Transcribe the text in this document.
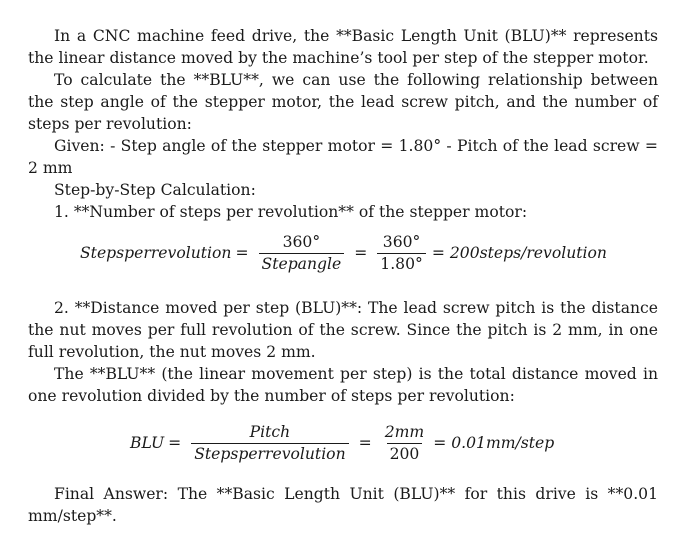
In a CNC machine feed drive, the **Basic Length Unit (BLU)** represents the linear distance moved by the machine’s tool per step of the stepper motor.
To calculate the **BLU**, we can use the following relationship between the step angle of the stepper motor, the lead screw pitch, and the number of steps per revolution:
Given: - Step angle of the stepper motor = 1.80° - Pitch of the lead screw = 2 mm
Step-by-Step Calculation:
1. **Number of steps per revolution** of the stepper motor:
Stepsperrevolution = $\frac{360^\circ}{\text{Stepangle}} = \frac{360^\circ}{1.80^\circ}$ = 200steps/revolution
2. **Distance moved per step (BLU)**: The lead screw pitch is the distance the nut moves per full revolution of the screw. Since the pitch is 2 mm, in one full revolution, the nut moves 2 mm.
The **BLU** (the linear movement per step) is the total distance moved in one revolution divided by the number of steps per revolution:
BLU = $\frac{\text{Pitch}}{\text{Stepsperrevolution}} = \frac{2mm}{200}$ = 0.01mm/step
Final Answer: The **Basic Length Unit (BLU)** for this drive is **0.01 mm/step**.
